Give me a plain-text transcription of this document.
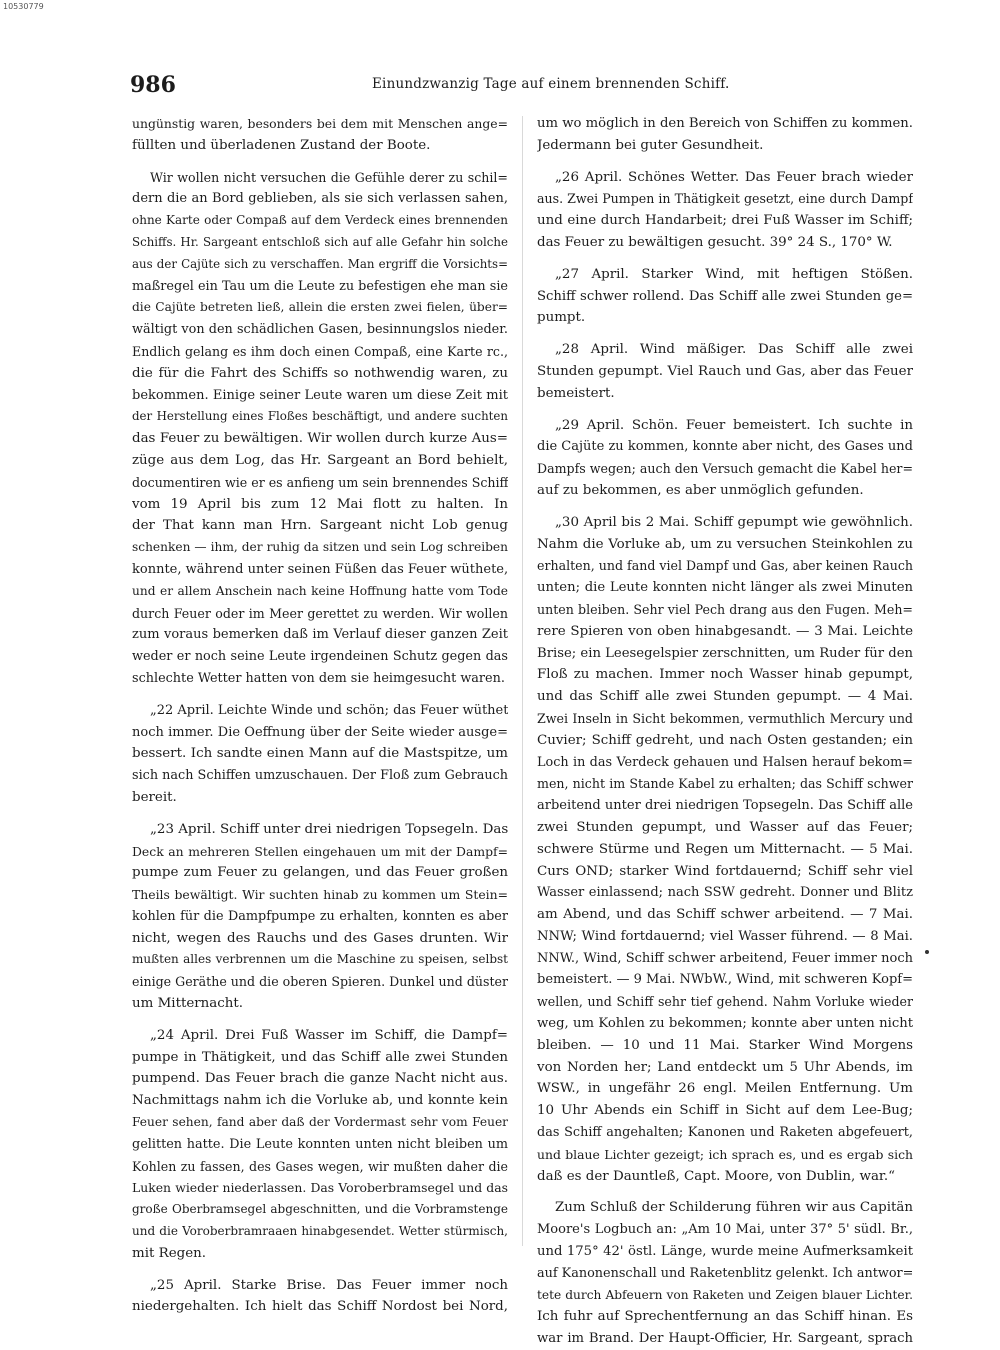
10530779
986	Einundzwanzig Tage auf einem brennenden Schiff.
ungünstig waren, besonders bei dem mit Menschen ange=
füllten und überladenen Zustand der Boote.
Wir wollen nicht versuchen die Gefühle derer zu schil=
dern die an Bord geblieben, als sie sich verlassen sahen,
ohne Karte oder Compaß auf dem Verdeck eines brennenden
Schiffs. Hr. Sargeant entschloß sich auf alle Gefahr hin solche
aus der Cajüte sich zu verschaffen. Man ergriff die Vorsichts=
maßregel ein Tau um die Leute zu befestigen ehe man sie
die Cajüte betreten ließ, allein die ersten zwei fielen, über=
wältigt von den schädlichen Gasen, besinnungslos nieder.
Endlich gelang es ihm doch einen Compaß, eine Karte rc.,
die für die Fahrt des Schiffs so nothwendig waren, zu
bekommen. Einige seiner Leute waren um diese Zeit mit
der Herstellung eines Floßes beschäftigt, und andere suchten
das Feuer zu bewältigen. Wir wollen durch kurze Aus=
züge aus dem Log, das Hr. Sargeant an Bord behielt,
documentiren wie er es anfieng um sein brennendes Schiff
vom 19 April bis zum 12 Mai flott zu halten. In
der That kann man Hrn. Sargeant nicht Lob genug
schenken — ihm, der ruhig da sitzen und sein Log schreiben
konnte, während unter seinen Füßen das Feuer wüthete,
und er allem Anschein nach keine Hoffnung hatte vom Tode
durch Feuer oder im Meer gerettet zu werden. Wir wollen
zum voraus bemerken daß im Verlauf dieser ganzen Zeit
weder er noch seine Leute irgendeinen Schutz gegen das
schlechte Wetter hatten von dem sie heimgesucht waren.
„22 April. Leichte Winde und schön; das Feuer wüthet
noch immer. Die Oeffnung über der Seite wieder ausge=
bessert. Ich sandte einen Mann auf die Mastspitze, um
sich nach Schiffen umzuschauen. Der Floß zum Gebrauch
bereit.
„23 April. Schiff unter drei niedrigen Topsegeln. Das
Deck an mehreren Stellen eingehauen um mit der Dampf=
pumpe zum Feuer zu gelangen, und das Feuer großen
Theils bewältigt. Wir suchten hinab zu kommen um Stein=
kohlen für die Dampfpumpe zu erhalten, konnten es aber
nicht, wegen des Rauchs und des Gases drunten. Wir
mußten alles verbrennen um die Maschine zu speisen, selbst
einige Geräthe und die oberen Spieren. Dunkel und düster
um Mitternacht.
„24 April. Drei Fuß Wasser im Schiff, die Dampf=
pumpe in Thätigkeit, und das Schiff alle zwei Stunden
pumpend. Das Feuer brach die ganze Nacht nicht aus.
Nachmittags nahm ich die Vorluke ab, und konnte kein
Feuer sehen, fand aber daß der Vordermast sehr vom Feuer
gelitten hatte. Die Leute konnten unten nicht bleiben um
Kohlen zu fassen, des Gases wegen, wir mußten daher die
Luken wieder niederlassen. Das Voroberbramsegel und das
große Oberbramsegel abgeschnitten, und die Vorbramstenge
und die Voroberbramraaen hinabgesendet. Wetter stürmisch,
mit Regen.
„25 April. Starke Brise. Das Feuer immer noch
niedergehalten. Ich hielt das Schiff Nordost bei Nord,
um wo möglich in den Bereich von Schiffen zu kommen.
Jedermann bei guter Gesundheit.
„26 April. Schönes Wetter. Das Feuer brach wieder
aus. Zwei Pumpen in Thätigkeit gesetzt, eine durch Dampf
und eine durch Handarbeit; drei Fuß Wasser im Schiff;
das Feuer zu bewältigen gesucht. 39° 24 S., 170° W.
„27 April. Starker Wind, mit heftigen Stößen.
Schiff schwer rollend. Das Schiff alle zwei Stunden ge=
pumpt.
„28 April. Wind mäßiger. Das Schiff alle zwei
Stunden gepumpt. Viel Rauch und Gas, aber das Feuer
bemeistert.
„29 April. Schön. Feuer bemeistert. Ich suchte in
die Cajüte zu kommen, konnte aber nicht, des Gases und
Dampfs wegen; auch den Versuch gemacht die Kabel her=
auf zu bekommen, es aber unmöglich gefunden.
„30 April bis 2 Mai. Schiff gepumpt wie gewöhnlich.
Nahm die Vorluke ab, um zu versuchen Steinkohlen zu
erhalten, und fand viel Dampf und Gas, aber keinen Rauch
unten; die Leute konnten nicht länger als zwei Minuten
unten bleiben. Sehr viel Pech drang aus den Fugen. Meh=
rere Spieren von oben hinabgesandt. — 3 Mai. Leichte
Brise; ein Leesegelspier zerschnitten, um Ruder für den
Floß zu machen. Immer noch Wasser hinab gepumpt,
und das Schiff alle zwei Stunden gepumpt. — 4 Mai.
Zwei Inseln in Sicht bekommen, vermuthlich Mercury und
Cuvier; Schiff gedreht, und nach Osten gestanden; ein
Loch in das Verdeck gehauen und Halsen herauf bekom=
men, nicht im Stande Kabel zu erhalten; das Schiff schwer
arbeitend unter drei niedrigen Topsegeln. Das Schiff alle
zwei Stunden gepumpt, und Wasser auf das Feuer;
schwere Stürme und Regen um Mitternacht. — 5 Mai.
Curs OND; starker Wind fortdauernd; Schiff sehr viel
Wasser einlassend; nach SSW gedreht. Donner und Blitz
am Abend, und das Schiff schwer arbeitend. — 7 Mai.
NNW; Wind fortdauernd; viel Wasser führend. — 8 Mai.
NNW., Wind, Schiff schwer arbeitend, Feuer immer noch
bemeistert. — 9 Mai. NWbW., Wind, mit schweren Kopf=
wellen, und Schiff sehr tief gehend. Nahm Vorluke wieder
weg, um Kohlen zu bekommen; konnte aber unten nicht
bleiben. — 10 und 11 Mai. Starker Wind Morgens
von Norden her; Land entdeckt um 5 Uhr Abends, im
WSW., in ungefähr 26 engl. Meilen Entfernung. Um
10 Uhr Abends ein Schiff in Sicht auf dem Lee-Bug;
das Schiff angehalten; Kanonen und Raketen abgefeuert,
und blaue Lichter gezeigt; ich sprach es, und es ergab sich
daß es der Dauntleß, Capt. Moore, von Dublin, war.“
Zum Schluß der Schilderung führen wir aus Capitän
Moore's Logbuch an: „Am 10 Mai, unter 37° 5' südl. Br.,
und 175° 42' östl. Länge, wurde meine Aufmerksamkeit
auf Kanonenschall und Raketenblitz gelenkt. Ich antwor=
tete durch Abfeuern von Raketen und Zeigen blauer Lichter.
Ich fuhr auf Sprechentfernung an das Schiff hinan. Es
war im Brand. Der Haupt-Officier, Hr. Sargeant, sprach
